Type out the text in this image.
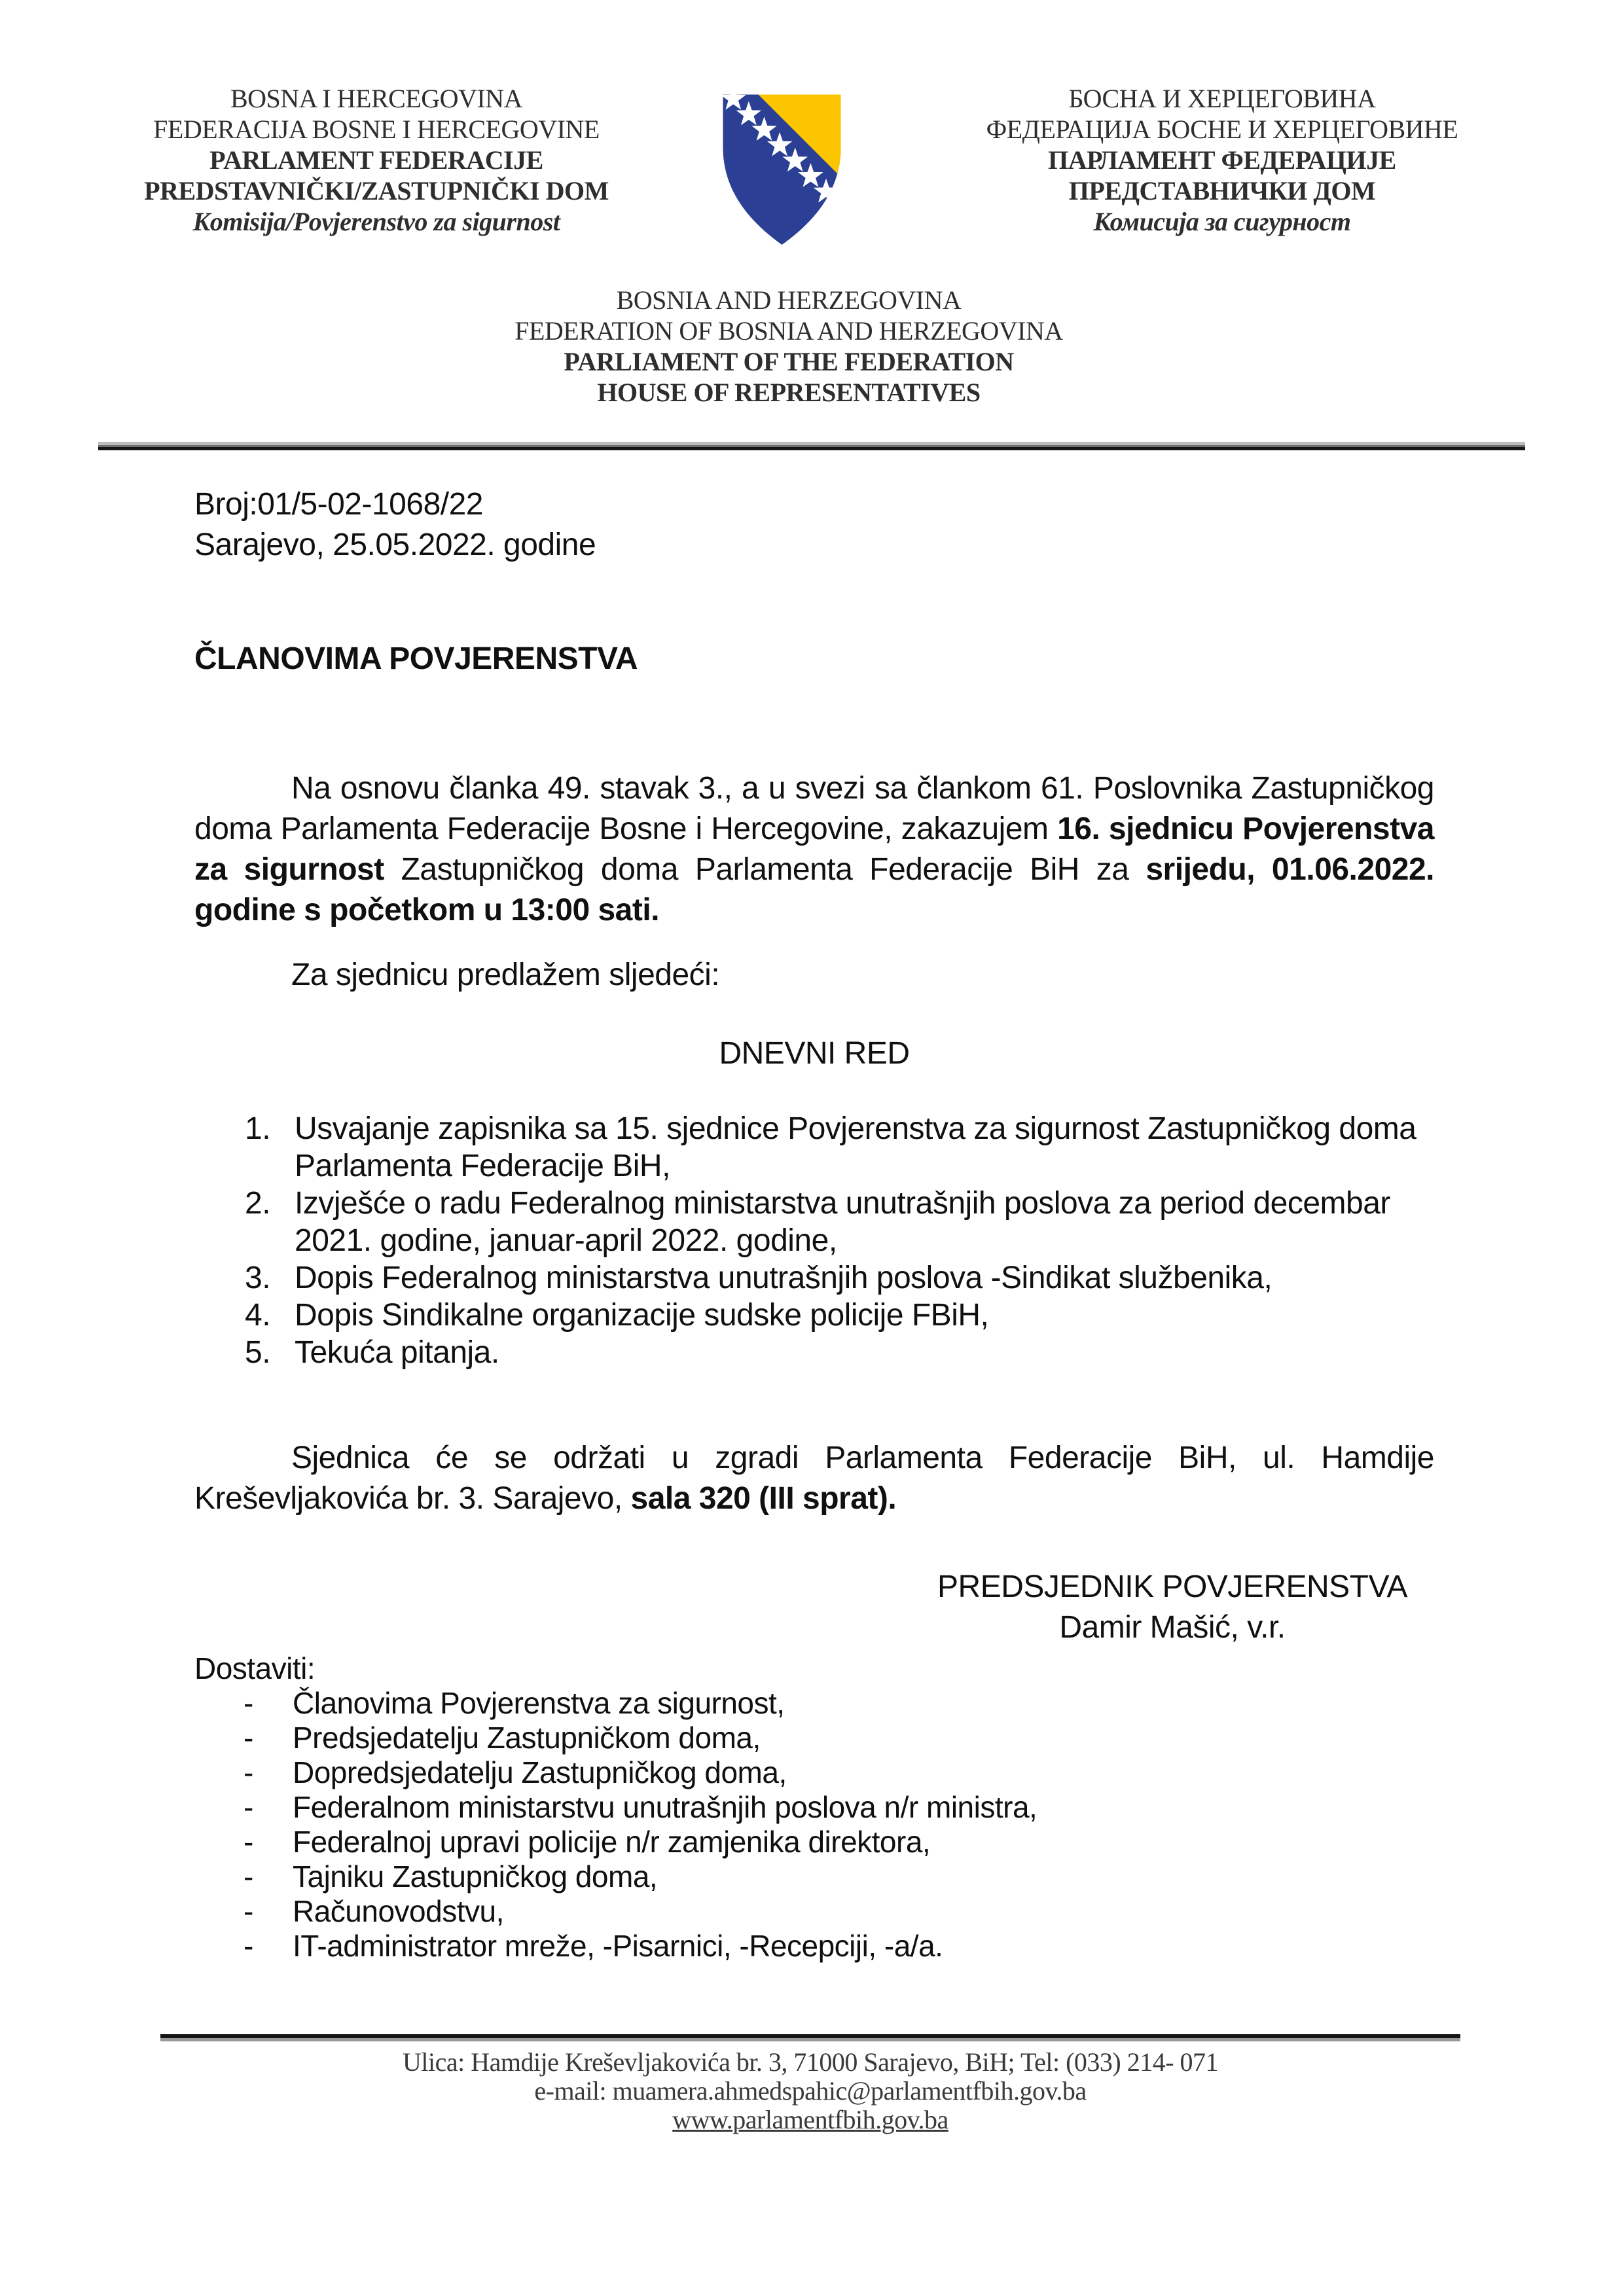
BOSNA I HERCEGOVINA
FEDERACIJA BOSNE I HERCEGOVINE
PARLAMENT FEDERACIJE
PREDSTAVNIČKI/ZASTUPNIČKI DOM
Komisija/Povjerenstvo za sigurnost
БОСНА И ХЕРЦЕГОВИНА
ФЕДЕРАЦИЈА БОСНЕ И ХЕРЦЕГОВИНЕ
ПАРЛАМЕНТ ФЕДЕРАЦИЈЕ
ПРЕДСТАВНИЧКИ ДОМ
Комисија за сигурност
BOSNIA AND HERZEGOVINA
FEDERATION OF BOSNIA AND HERZEGOVINA
PARLIAMENT OF THE FEDERATION
HOUSE OF REPRESENTATIVES

Broj:01/5-02-1068/22

Sarajevo, 25.05.2022. godine

ČLANOVIMA POVJERENSTVA

Na osnovu članka 49. stavak 3., a u svezi sa člankom 61. Poslovnika Zastupničkog doma Parlamenta Federacije Bosne i Hercegovine, zakazujem 16. sjednicu Povjerenstva za sigurnost Zastupničkog doma Parlamenta Federacije BiH za srijedu, 01.06.2022. godine s početkom u 13:00 sati.

Za sjednicu predlažem sljedeći:

DNEVNI RED

Usvajanje zapisnika sa 15. sjednice Povjerenstva za sigurnost Zastupničkog doma Parlamenta Federacije BiH,
Izvješće o radu Federalnog ministarstva unutrašnjih poslova za period decembar 2021. godine, januar-april 2022. godine,
Dopis Federalnog ministarstva unutrašnjih poslova -Sindikat službenika,
Dopis Sindikalne organizacije sudske policije FBiH,
Tekuća pitanja.

Sjednica će se održati u zgradi Parlamenta Federacije BiH, ul. Hamdije Kreševljakovića br. 3. Sarajevo, sala 320 (III sprat).

PREDSJEDNIK POVJERENSTVA

Damir Mašić, v.r.

Dostaviti:

- Članovima Povjerenstva za sigurnost,
- Predsjedatelju Zastupničkom doma,
- Dopredsjedatelju Zastupničkog doma,
- Federalnom ministarstvu unutrašnjih poslova n/r ministra,
- Federalnoj upravi policije n/r zamjenika direktora,
- Tajniku Zastupničkog doma,
- Računovodstvu,
- IT-administrator mreže, -Pisarnici, -Recepciji, -a/a.

Ulica: Hamdije Kreševljakovića br. 3, 71000 Sarajevo, BiH; Tel: (033) 214- 071

e-mail: muamera.ahmedspahic@parlamentfbih.gov.ba

www.parlamentfbih.gov.ba
